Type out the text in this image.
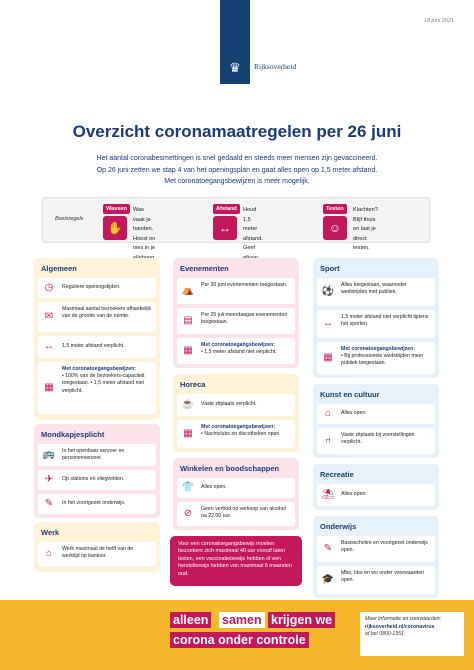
18 juni 2021
♛	Rijksoverheid
Overzicht coronamaatregelen per 26 juni
Het aantal coronabesmettingen is snel gedaald en steeds meer mensen zijn gevaccineerd.
Op 26 juni zetten we stap 4 van het openingsplan en gaat alles open op 1,5 meter afstand.
Met coronatoegangsbewijzen is meer mogelijk.
Basisregels
Wassen
✋
Was vaak je handen.
Hoest en nies in je
Afstand
↔
Houd 1,5 meter
afstand.
Geef
Testen
☺
Klachten?
Blijf thuis en laat je
direct testen.
Algemeen
◷	Reguliere openingstijden.
✉
Maximaal aantal bezoekers afhankelijk van de grootte van de ruimte.
↔	1,5 meter afstand verplicht.
▦
Met coronatoegangsbewijzen:
• 100% van de bezoekers-capaciteit toegestaan. • 1,5 meter afstand niet verplicht.
Mondkapjesplicht
🚌 In het openbaar vervoer en personenvervoer.
✈	Op stations en vliegvelden.
✎	In het voortgezet onderwijs.
Werk
⌂	Werk maximaal de helft van de werktijd op kantoor.
Evenementen
⛺ Per 30 juni evenementen toegestaan.
▤	Per 25 juli meerdaagse evenementen toegestaan.
▦	Met coronatoegangsbewijzen:
• 1,5 meter afstand niet verplicht.
Horeca
☕ Vaste zitplaats verplicht.
▦
Met coronatoegangsbewijzen:
• Nachtclubs en discotheken open.
Winkelen en boodschappen
👕 Alles open.
⊘	Geen verbod op verkoop van alcohol na 22.00 uur.
Voor een coronatoegangsbewijs moeten bezoekers zich maximaal 40 uur vooraf laten testen, een vaccinatiebewijs hebben of een herstelbewijs hebben van maximaal 6 maanden oud.
Sport
⚽
Alles toegestaan, waaronder wedstrijden met publiek.
↔
1,5 meter afstand niet verplicht tijdens het sporten.
▦
Met coronatoegangsbewijzen:
• Bij professionele wedstrijden meer publiek toegestaan.
Kunst en cultuur
⌂	Alles open.
⑁	Vaste zitplaats bij voorstellingen verplicht.
Recreatie
⛱ Alles open.
Onderwijs
✎	Basisscholen en voortgezet onderwijs open.
🎓
Mbo, hbo en wo onder voorwaarden open.
alleen samen krijgen we
corona onder controle
Meer informatie en voorwaarden:
rijksoverheid.nl/coronavirus
of bel 0800-1351
